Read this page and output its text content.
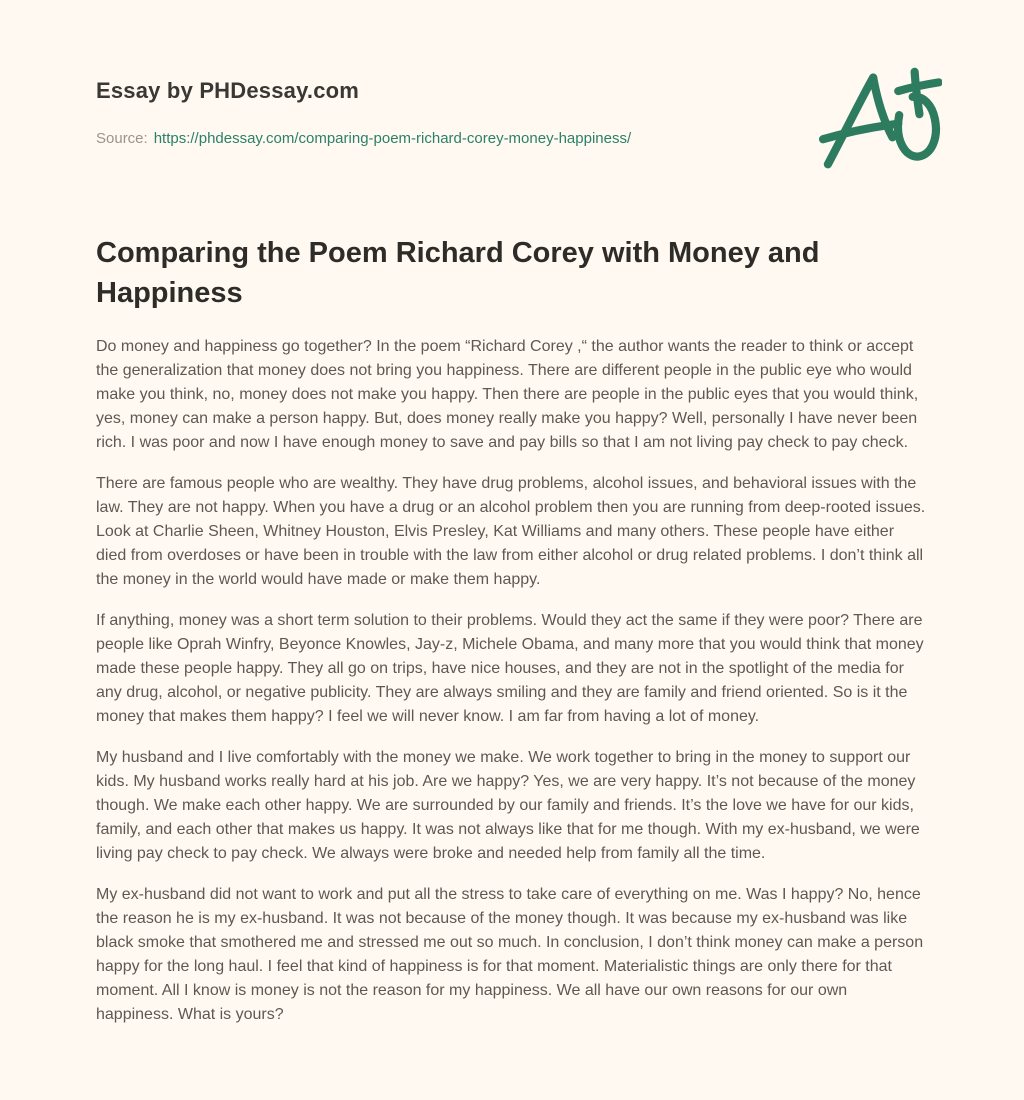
Essay by PHDessay.com
Source: https://phdessay.com/comparing-poem-richard-corey-money-happiness/
Comparing the Poem Richard Corey with Money and Happiness

Do money and happiness go together? In the poem “Richard Corey ,“ the author wants the reader to think or accept the generalization that money does not bring you happiness. There are different people in the public eye who would make you think, no, money does not make you happy. Then there are people in the public eyes that you would think, yes, money can make a person happy. But, does money really make you happy? Well, personally I have never been rich. I was poor and now I have enough money to save and pay bills so that I am not living pay check to pay check.

There are famous people who are wealthy. They have drug problems, alcohol issues, and behavioral issues with the law. They are not happy. When you have a drug or an alcohol problem then you are running from deep-rooted issues. Look at Charlie Sheen, Whitney Houston, Elvis Presley, Kat Williams and many others. These people have either died from overdoses or have been in trouble with the law from either alcohol or drug related problems. I don’t think all the money in the world would have made or make them happy.

If anything, money was a short term solution to their problems. Would they act the same if they were poor? There are people like Oprah Winfry, Beyonce Knowles, Jay-z, Michele Obama, and many more that you would think that money made these people happy. They all go on trips, have nice houses, and they are not in the spotlight of the media for any drug, alcohol, or negative publicity. They are always smiling and they are family and friend oriented. So is it the money that makes them happy? I feel we will never know. I am far from having a lot of money.

My husband and I live comfortably with the money we make. We work together to bring in the money to support our kids. My husband works really hard at his job. Are we happy? Yes, we are very happy. It’s not because of the money though. We make each other happy. We are surrounded by our family and friends. It’s the love we have for our kids, family, and each other that makes us happy. It was not always like that for me though. With my ex-husband, we were living pay check to pay check. We always were broke and needed help from family all the time.

My ex-husband did not want to work and put all the stress to take care of everything on me. Was I happy? No, hence the reason he is my ex-husband. It was not because of the money though. It was because my ex-husband was like black smoke that smothered me and stressed me out so much. In conclusion, I don’t think money can make a person happy for the long haul. I feel that kind of happiness is for that moment. Materialistic things are only there for that moment. All I know is money is not the reason for my happiness. We all have our own reasons for our own happiness. What is yours?
